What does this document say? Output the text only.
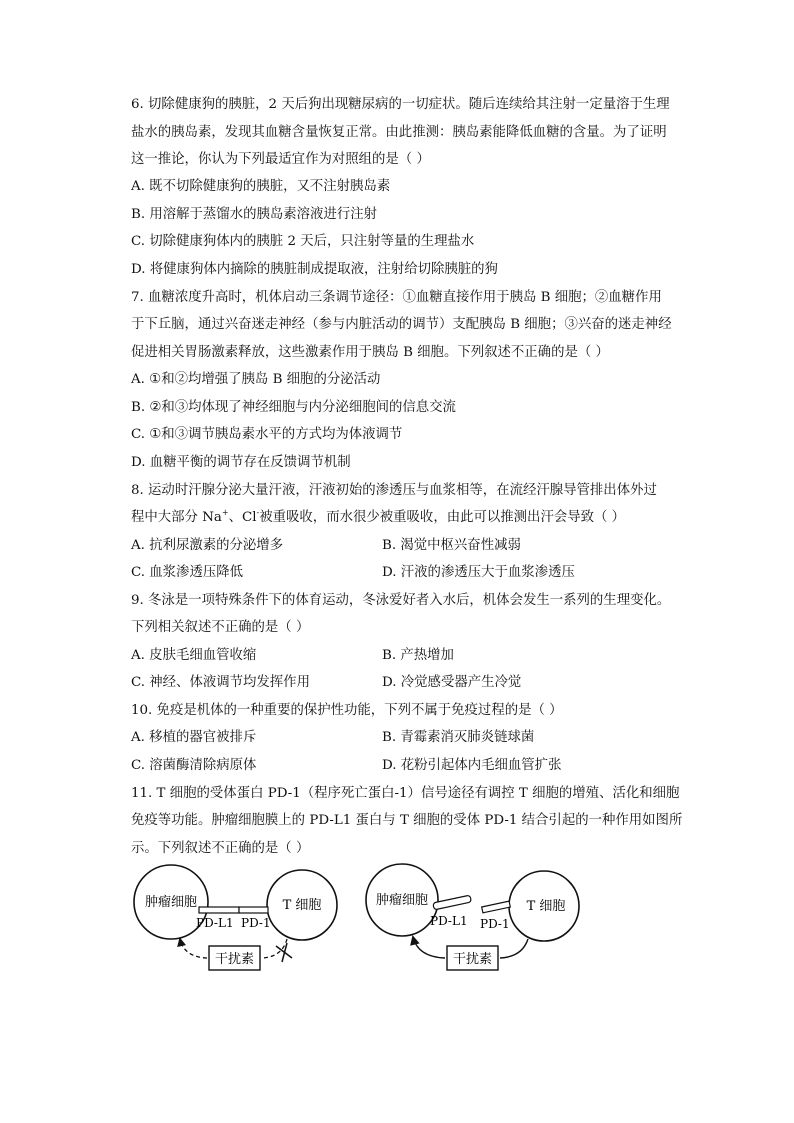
6. 切除健康狗的胰脏，2 天后狗出现糖尿病的一切症状。随后连续给其注射一定量溶于生理
盐水的胰岛素，发现其血糖含量恢复正常。由此推测：胰岛素能降低血糖的含量。为了证明
这一推论，你认为下列最适宜作为对照组的是（ ）
A. 既不切除健康狗的胰脏，又不注射胰岛素
B. 用溶解于蒸馏水的胰岛素溶液进行注射
C. 切除健康狗体内的胰脏 2 天后，只注射等量的生理盐水
D. 将健康狗体内摘除的胰脏制成提取液，注射给切除胰脏的狗
7. 血糖浓度升高时，机体启动三条调节途径：①血糖直接作用于胰岛 B 细胞；②血糖作用
于下丘脑，通过兴奋迷走神经（参与内脏活动的调节）支配胰岛 B 细胞；③兴奋的迷走神经
促进相关胃肠激素释放，这些激素作用于胰岛 B 细胞。下列叙述不正确的是（ ）
A. ①和②均增强了胰岛 B 细胞的分泌活动
B. ②和③均体现了神经细胞与内分泌细胞间的信息交流
C. ①和③调节胰岛素水平的方式均为体液调节
D. 血糖平衡的调节存在反馈调节机制
8. 运动时汗腺分泌大量汗液，汗液初始的渗透压与血浆相等，在流经汗腺导管排出体外过
程中大部分 Na+、Cl-被重吸收，而水很少被重吸收，由此可以推测出汗会导致（ ）
A. 抗利尿激素的分泌增多	B. 渴觉中枢兴奋性减弱
C. 血浆渗透压降低	D. 汗液的渗透压大于血浆渗透压
9. 冬泳是一项特殊条件下的体育运动，冬泳爱好者入水后，机体会发生一系列的生理变化。
下列相关叙述不正确的是（ ）
A. 皮肤毛细血管收缩	B. 产热增加
C. 神经、体液调节均发挥作用	D. 冷觉感受器产生冷觉
10. 免疫是机体的一种重要的保护性功能，下列不属于免疫过程的是（ ）
A. 移植的器官被排斥	B. 青霉素消灭肺炎链球菌
C. 溶菌酶清除病原体	D. 花粉引起体内毛细血管扩张
11. T 细胞的受体蛋白 PD-1（程序死亡蛋白-1）信号途径有调控 T 细胞的增殖、活化和细胞
免疫等功能。肿瘤细胞膜上的 PD-L1 蛋白与 T 细胞的受体 PD-1 结合引起的一种作用如图所
示。下列叙述不正确的是（ ）
肿瘤细胞	T 细胞
PD-L1 PD-1
干扰素
肿瘤细胞	T 细胞
PD-L1 PD-1
干扰素
